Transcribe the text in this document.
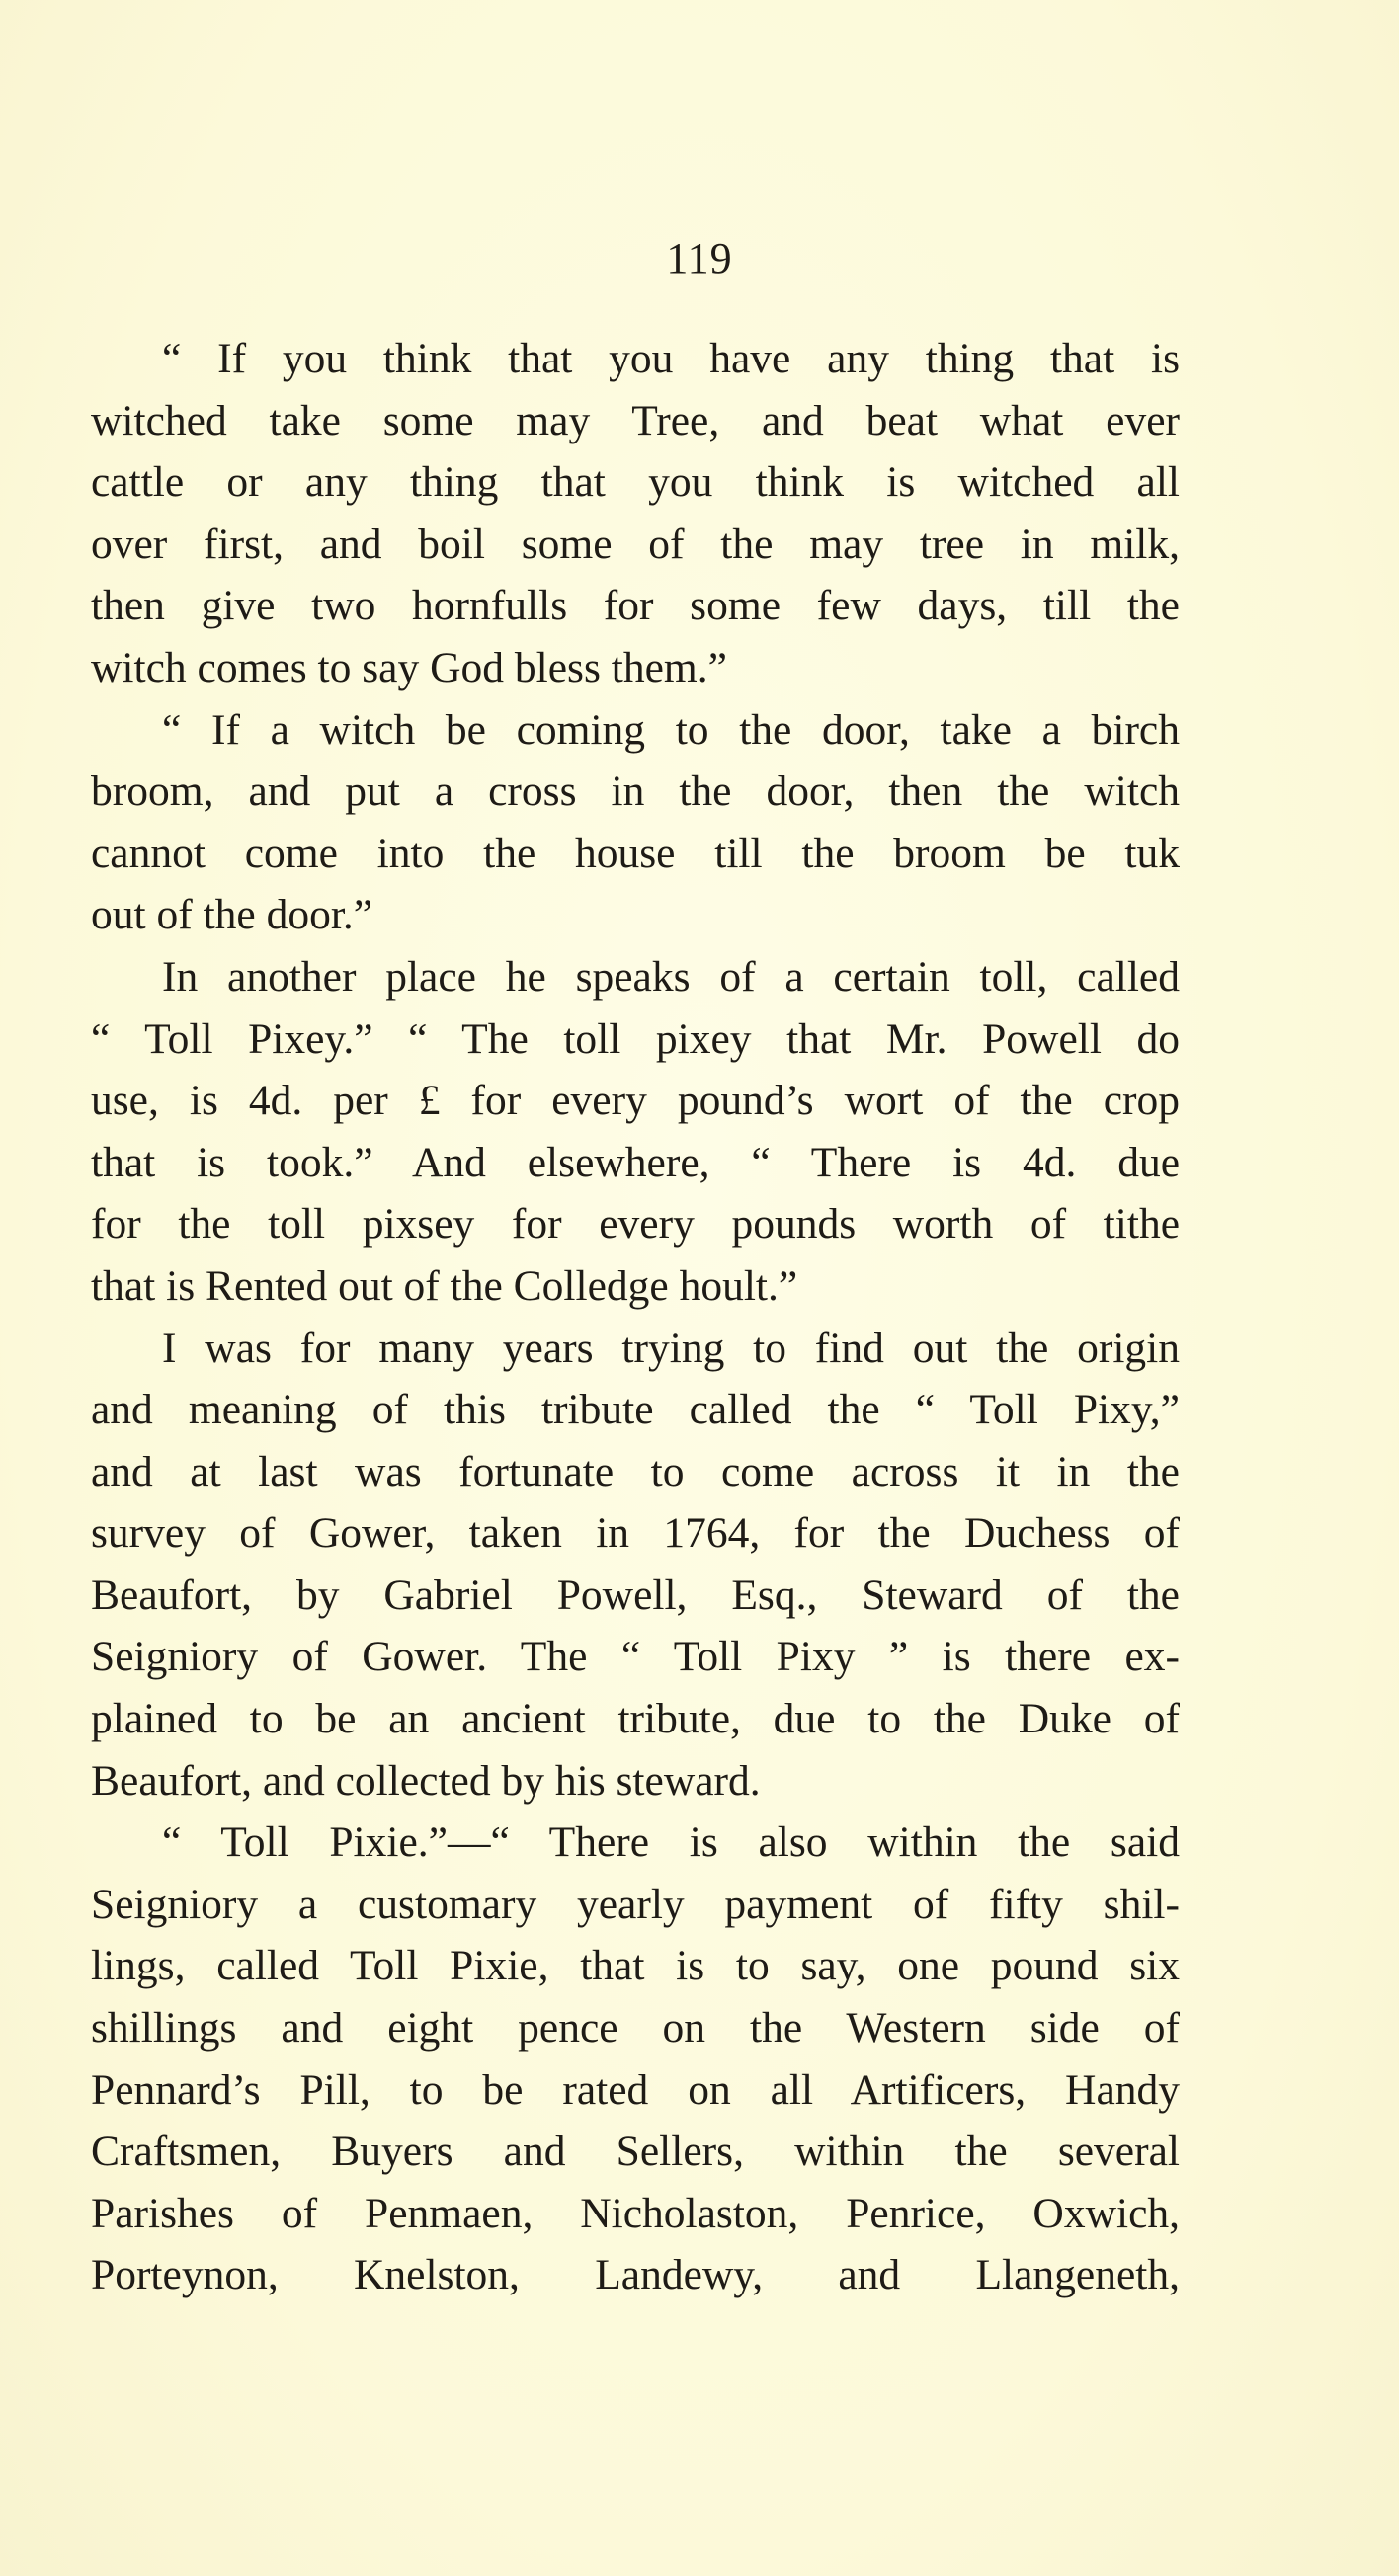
119
“ If you think that you have any thing that is
witched take some may Tree, and beat what ever
cattle or any thing that you think is witched all
over first, and boil some of the may tree in milk,
then give two hornfulls for some few days, till the
witch comes to say God bless them.”
“ If a witch be coming to the door, take a birch
broom, and put a cross in the door, then the witch
cannot come into the house till the broom be tuk
out of the door.”
In another place he speaks of a certain toll, called
“ Toll Pixey.” “ The toll pixey that Mr. Powell do
use, is 4d. per £ for every pound’s wort of the crop
that is took.” And elsewhere, “ There is 4d. due
for the toll pixsey for every pounds worth of tithe
that is Rented out of the Colledge hoult.”
I was for many years trying to find out the origin
and meaning of this tribute called the “ Toll Pixy,”
and at last was fortunate to come across it in the
survey of Gower, taken in 1764, for the Duchess of
Beaufort, by Gabriel Powell, Esq., Steward of the
Seigniory of Gower. The “ Toll Pixy ” is there ex-
plained to be an ancient tribute, due to the Duke of
Beaufort, and collected by his steward.
“ Toll Pixie.”—“ There is also within the said
Seigniory a customary yearly payment of fifty shil-
lings, called Toll Pixie, that is to say, one pound six
shillings and eight pence on the Western side of
Pennard’s Pill, to be rated on all Artificers, Handy
Craftsmen, Buyers and Sellers, within the several
Parishes of Penmaen, Nicholaston, Penrice, Oxwich,
Porteynon, Knelston, Landewy, and Llangeneth,
